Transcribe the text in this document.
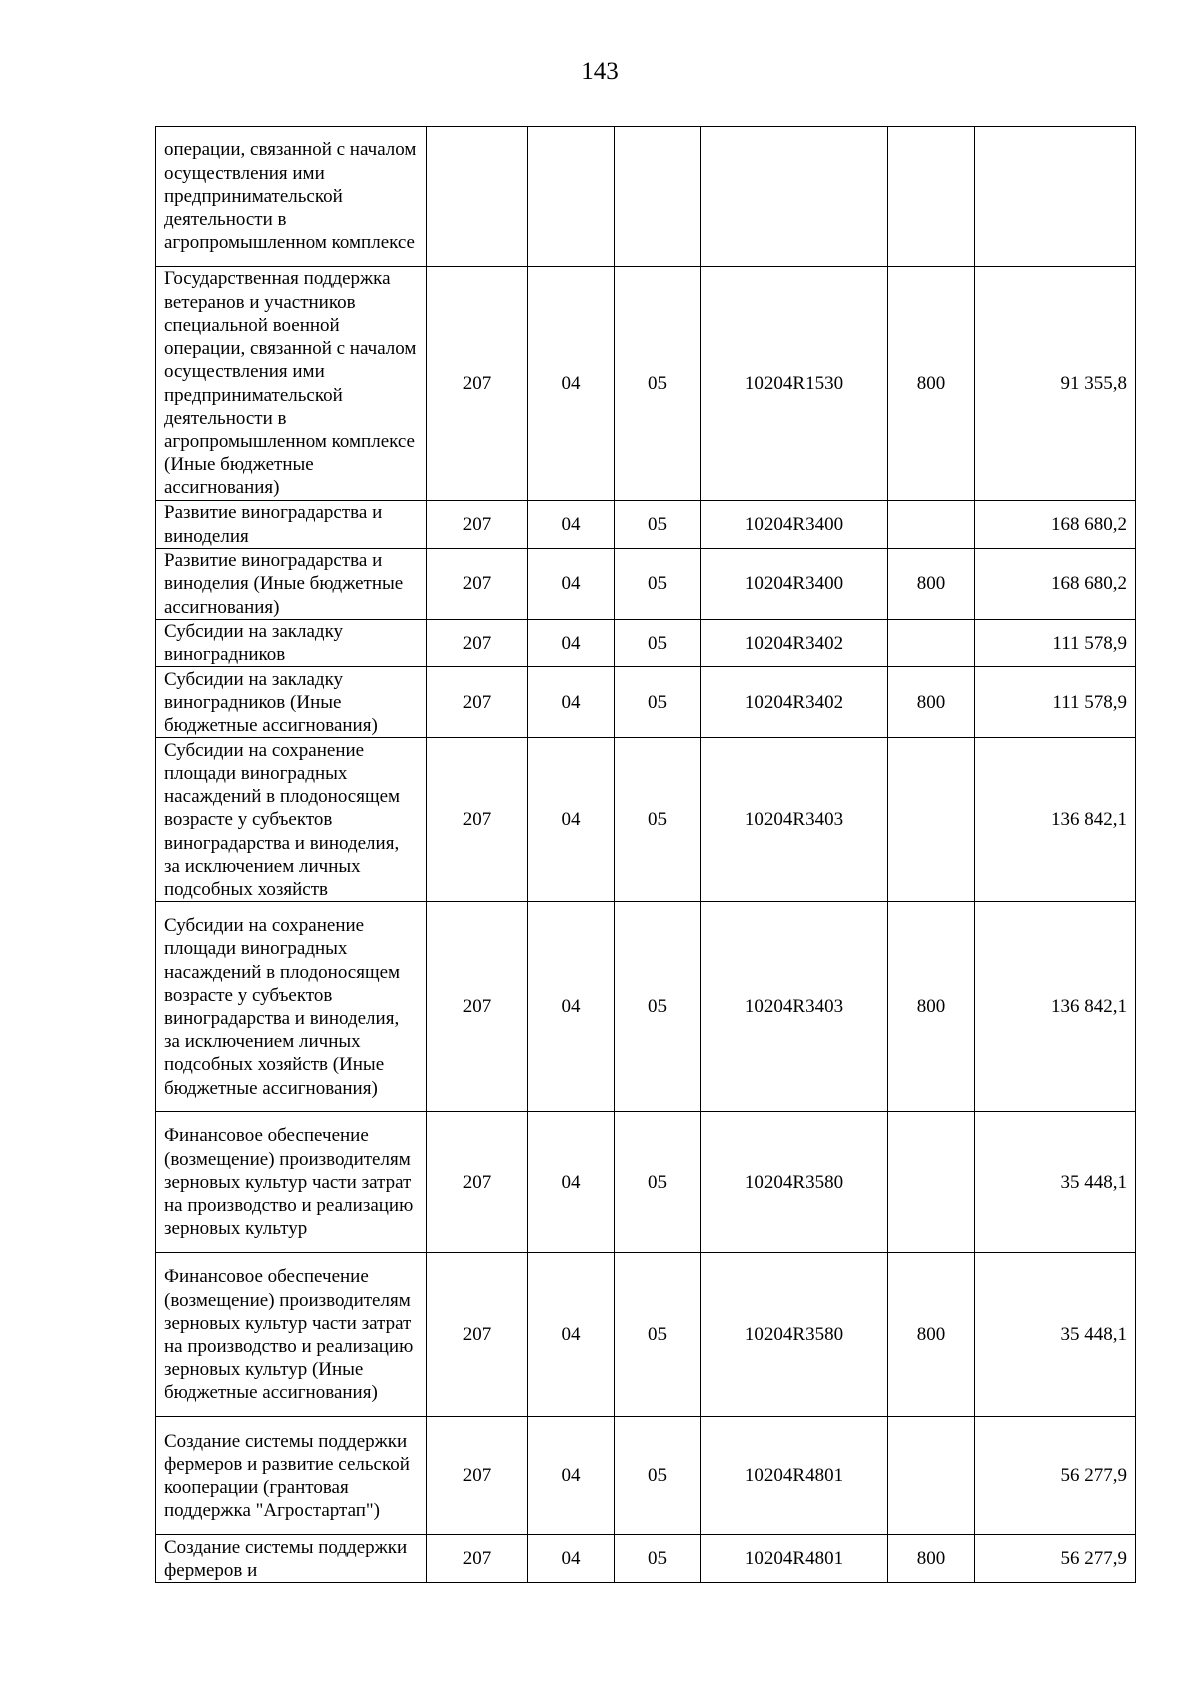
143
операции, связанной с началом осуществления ими предпринимательской деятельности в агропромышленном комплексе						

Государственная поддержка ветеранов и участников специальной военной операции, связанной с началом осуществления ими предпринимательской деятельности в агропромышленном комплексе (Иные бюджетные ассигнования)	207	04	05	10204R1530	800	91 355,8

Развитие виноградарства и виноделия	207	04	05	10204R3400		168 680,2

Развитие виноградарства и виноделия (Иные бюджетные ассигнования)	207	04	05	10204R3400	800	168 680,2

Субсидии на закладку виноградников	207	04	05	10204R3402		111 578,9

Субсидии на закладку виноградников (Иные бюджетные ассигнования)	207	04	05	10204R3402	800	111 578,9

Субсидии на сохранение площади виноградных насаждений в плодоносящем возрасте у субъектов виноградарства и виноделия, за исключением личных подсобных хозяйств	207	04	05	10204R3403		136 842,1

Субсидии на сохранение площади виноградных насаждений в плодоносящем возрасте у субъектов виноградарства и виноделия, за исключением личных подсобных хозяйств (Иные бюджетные ассигнования)	207	04	05	10204R3403	800	136 842,1

Финансовое обеспечение (возмещение) производителям зерновых культур части затрат на производство и реализацию зерновых культур	207	04	05	10204R3580		35 448,1

Финансовое обеспечение (возмещение) производителям зерновых культур части затрат на производство и реализацию зерновых культур (Иные бюджетные ассигнования)	207	04	05	10204R3580	800	35 448,1

Создание системы поддержки фермеров и развитие сельской кооперации (грантовая поддержка "Агростартап")	207	04	05	10204R4801		56 277,9

Создание системы поддержки фермеров и	207	04	05	10204R4801	800	56 277,9
